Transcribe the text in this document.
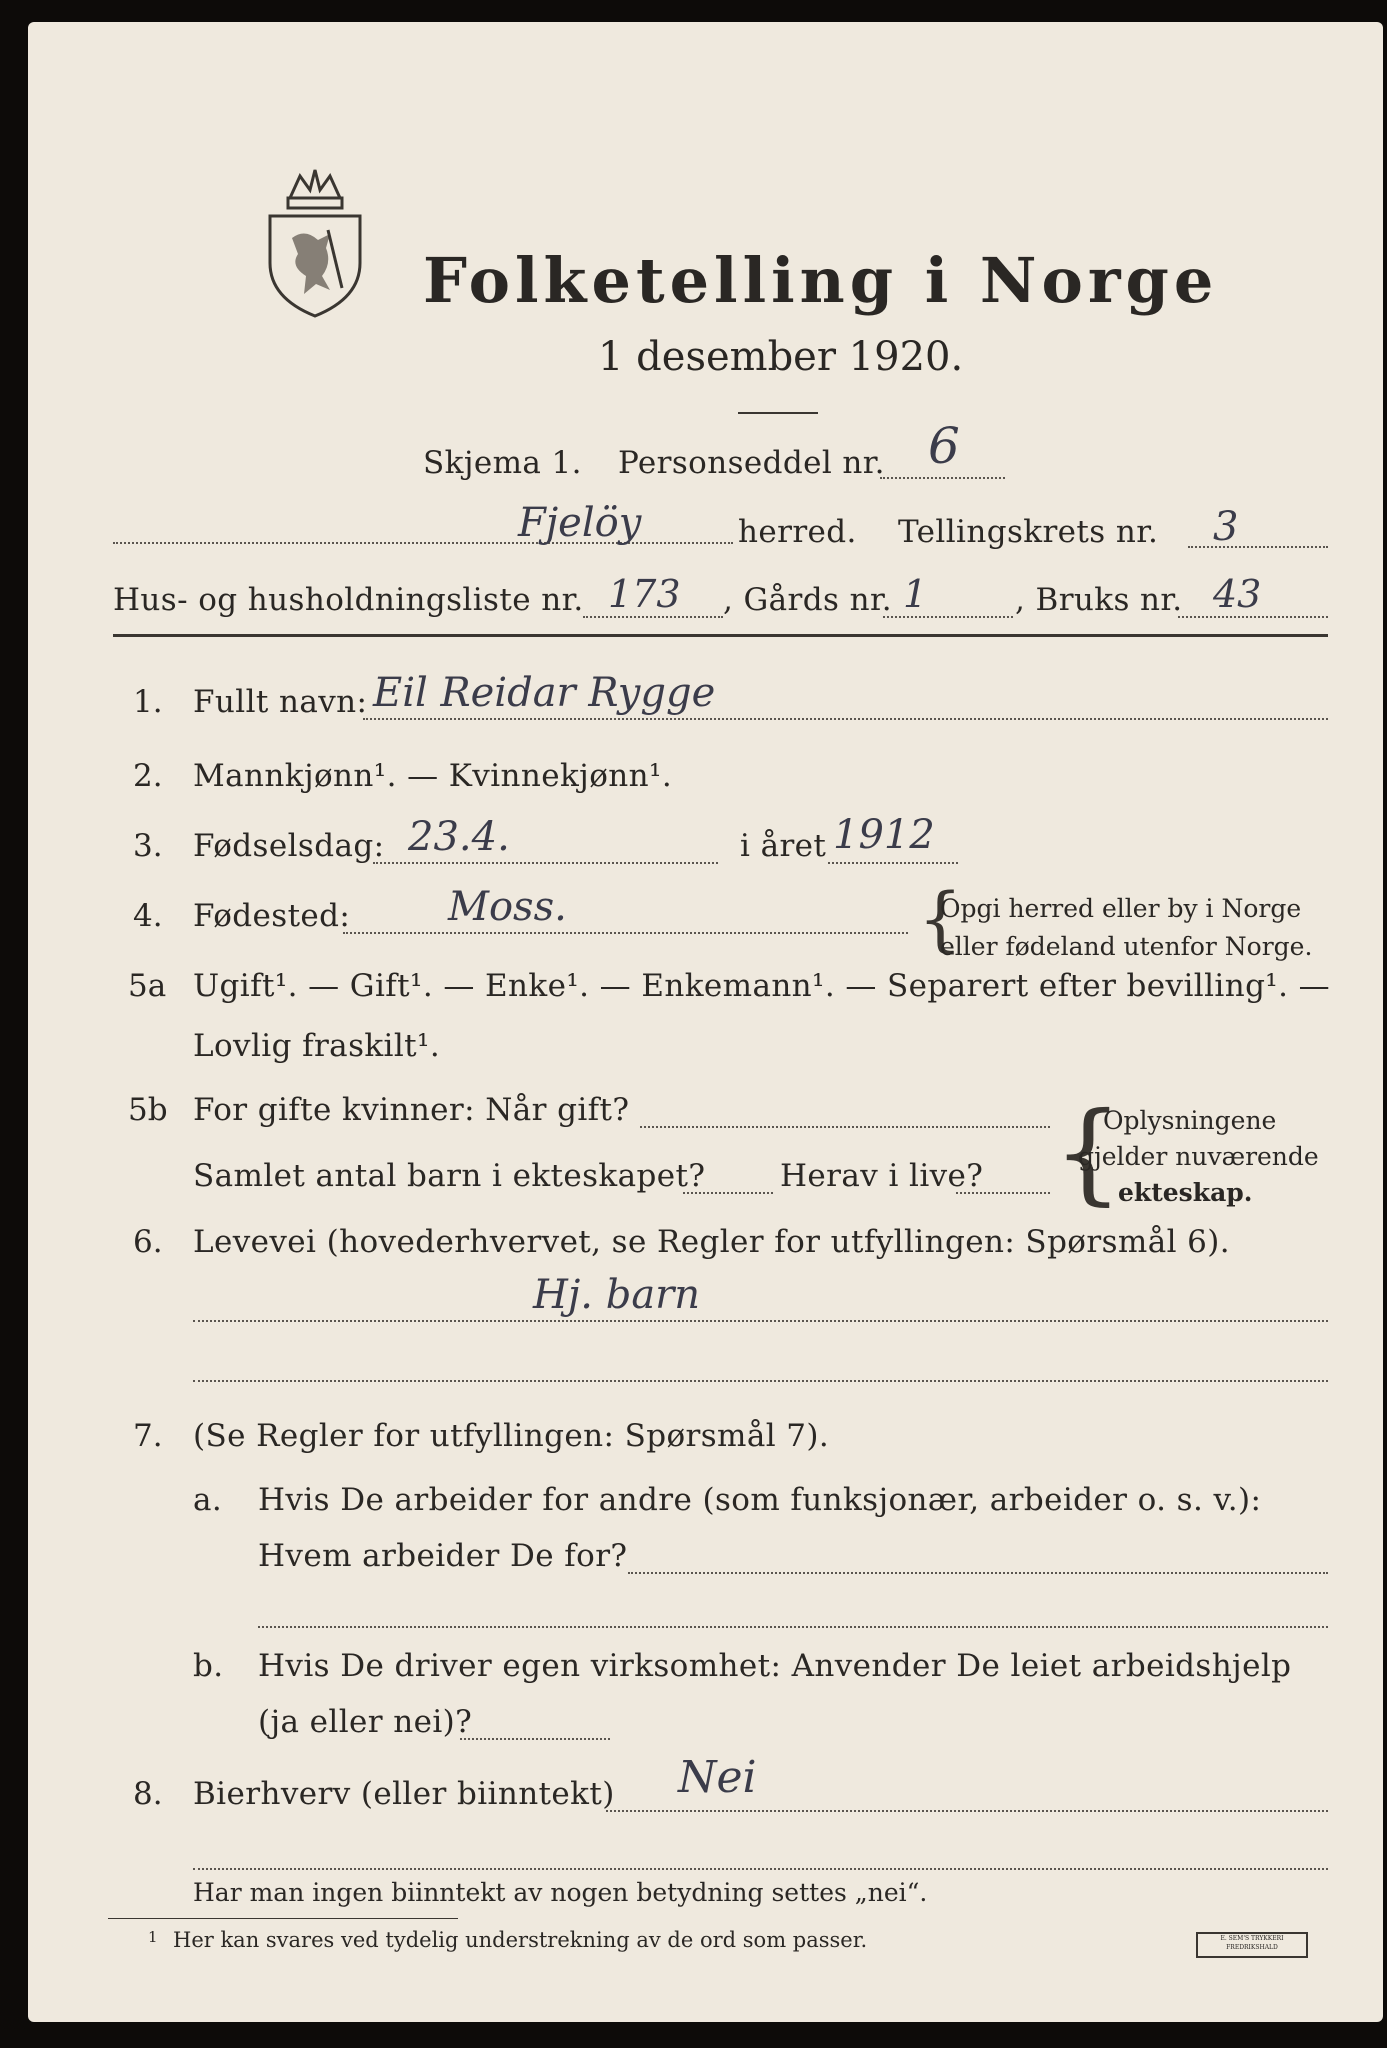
Folketelling i Norge
1 desember 1920.
Skjema 1. Personseddel nr. 6
Fjelöy	herred. Tellingskrets nr. 3
Hus- og husholdningsliste nr. 173 , Gårds nr. 1	, Bruks nr. 43
1. Fullt navn: Eil Reidar Rygge
2. Mannkjønn¹. — Kvinnekjønn¹.
3. Fødselsdag: 23.4.	i året 1912
4. Fødested: Moss.	{
Opgi herred eller by i Norge
eller fødeland utenfor Norge.
5a Ugift¹. — Gift¹. — Enke¹. — Enkemann¹. — Separert efter bevilling¹. —
Lovlig fraskilt¹.
5b For gifte kvinner: Når gift?
Samlet antal barn i ekteskapet? Herav i live? {
Oplysningene
gjelder nuværende
ekteskap.
6. Levevei (hovederhvervet, se Regler for utfyllingen: Spørsmål 6).
Hj. barn
7. (Se Regler for utfyllingen: Spørsmål 7).
a. Hvis De arbeider for andre (som funksjonær, arbeider o. s. v.):
Hvem arbeider De for?
b. Hvis De driver egen virksomhet: Anvender De leiet arbeidshjelp
(ja eller nei)?
8. Bierhverv (eller biinntekt) Nei
Har man ingen biinntekt av nogen betydning settes „nei“.
1 Her kan svares ved tydelig understrekning av de ord som passer.	E. SEM'S TRYKKERI FREDRIKSHALD
